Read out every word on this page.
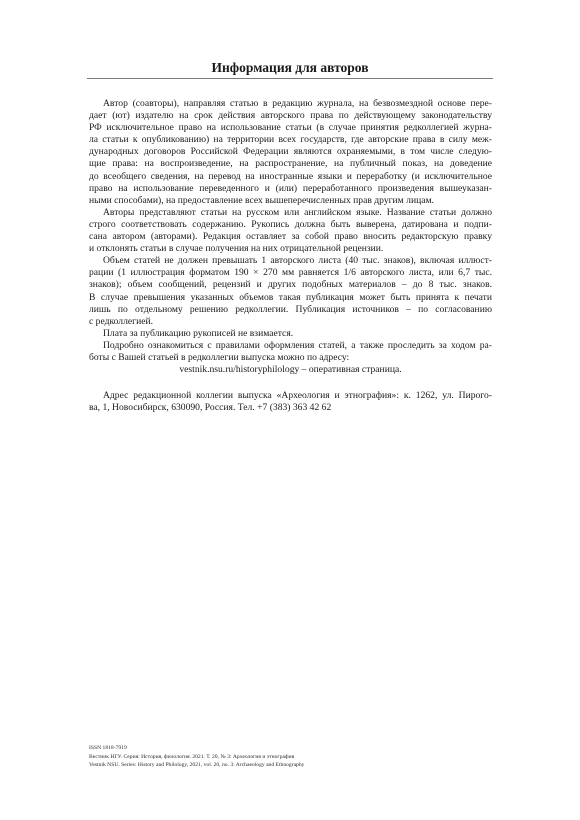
Информация для авторов
Автор (соавторы), направляя статью в редакцию журнала, на безвозмездной основе пере-
дает (ют) издателю на срок действия авторского права по действующему законодательству
РФ исключительное право на использование статьи (в случае принятия редколлегией журна-
ла статьи к опубликованию) на территории всех государств, где авторские права в силу меж-
дународных договоров Российской Федерации являются охраняемыми, в том числе следую-
щие права: на воспроизведение, на распространение, на публичный показ, на доведение
до всеобщего сведения, на перевод на иностранные языки и переработку (и исключительное
право на использование переведенного и (или) переработанного произведения вышеуказан-
ными способами), на предоставление всех вышеперечисленных прав другим лицам.
Авторы представляют статьи на русском или английском языке. Название статьи должно
строго соответствовать содержанию. Рукопись должна быть выверена, датирована и подпи-
сана автором (авторами). Редакция оставляет за собой право вносить редакторскую правку
и отклонять статьи в случае получения на них отрицательной рецензии.
Объем статей не должен превышать 1 авторского листа (40 тыс. знаков), включая иллюст-
рации (1 иллюстрация форматом 190 × 270 мм равняется 1/6 авторского листа, или 6,7 тыс.
знаков); объем сообщений, рецензий и других подобных материалов – до 8 тыс. знаков.
В случае превышения указанных объемов такая публикация может быть принята к печати
лишь по отдельному решению редколлегии. Публикация источников – по согласованию
с редколлегией.
Плата за публикацию рукописей не взимается.
Подробно ознакомиться с правилами оформления статей, а также проследить за ходом ра-
боты с Вашей статьей в редколлегии выпуска можно по адресу:
vestnik.nsu.ru/historyphilology – оперативная страница.
Адрес редакционной коллегии выпуска «Археология и этнография»: к. 1262, ул. Пирого-
ва, 1, Новосибирск, 630090, Россия. Тел. +7 (383) 363 42 62
ISSN 1818-7919
Вестник НГУ. Серия: История, филология. 2021. Т. 20, № 3: Археология и этнография
Vestnik NSU. Series: History and Philology, 2021, vol. 20, no. 3: Archaeology and Ethnography
